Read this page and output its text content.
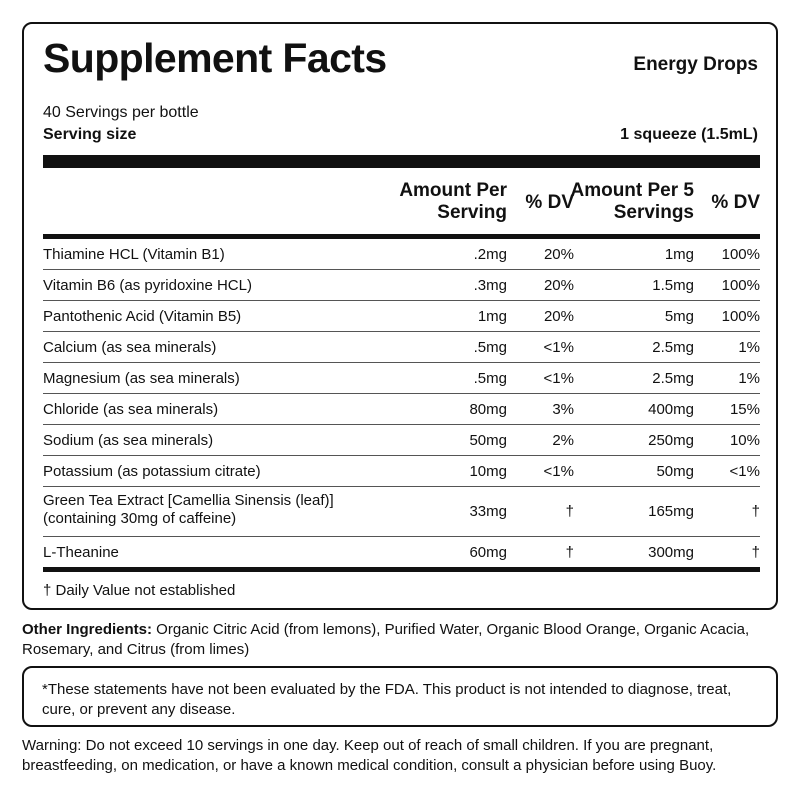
Supplement Facts	Energy Drops
40 Servings per bottle
Serving size	1 squeeze (1.5mL)
Amount Per Serving % DV
Amount Per 5 Servings % DV
Thiamine HCL (Vitamin B1)	.2mg 20%	1mg 100%
Vitamin B6 (as pyridoxine HCL)	.3mg 20%	1.5mg 100%
Pantothenic Acid (Vitamin B5)	1mg 20%	5mg 100%
Calcium (as sea minerals)	.5mg <1%	2.5mg	1%
Magnesium (as sea minerals)	.5mg <1%	2.5mg	1%
Chloride (as sea minerals)	80mg	3%	400mg 15%
Sodium (as sea minerals)	50mg	2%	250mg 10%
Potassium (as potassium citrate)	10mg <1%	50mg <1%
Green Tea Extract [Camellia Sinensis (leaf)]
(containing 30mg of caffeine)	33mg	†	165mg	†
L-Theanine	60mg	†	300mg	†
† Daily Value not established
Other Ingredients: Organic Citric Acid (from lemons), Purified Water, Organic Blood Orange, Organic Acacia, Rosemary, and Citrus (from limes)
*These statements have not been evaluated by the FDA. This product is not intended to diagnose, treat, cure, or prevent any disease.
Warning: Do not exceed 10 servings in one day. Keep out of reach of small children. If you are pregnant, breastfeeding, on medication, or have a known medical condition, consult a physician before using Buoy.
